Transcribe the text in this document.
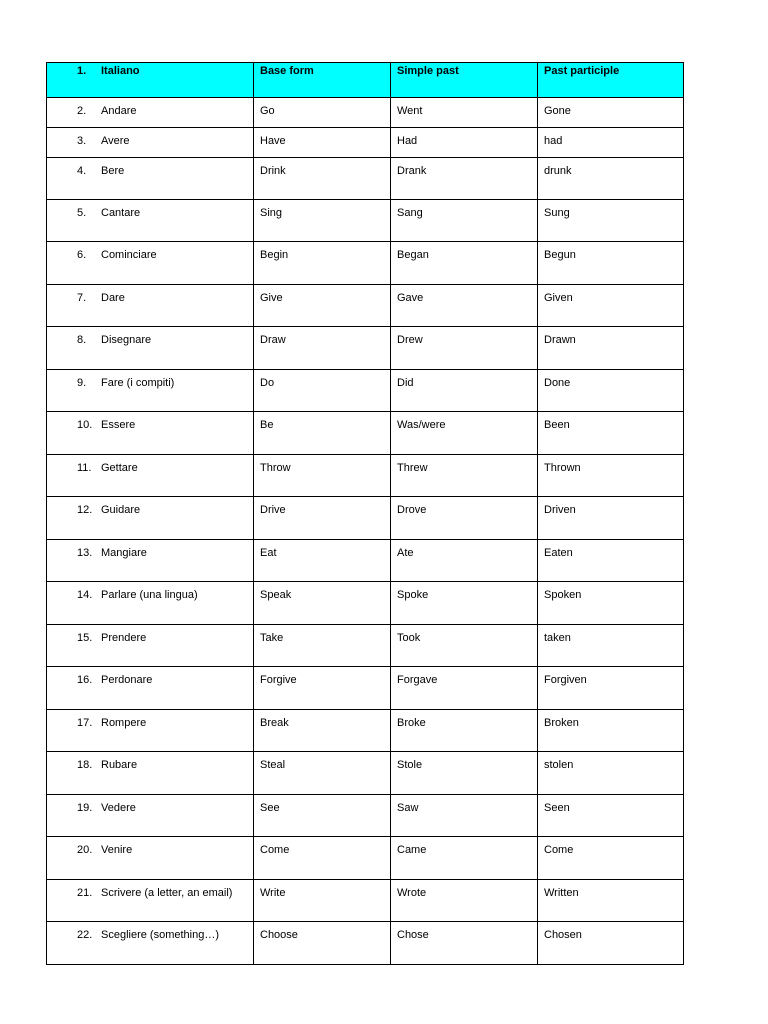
1. Italiano	Base form	Simple past	Past participle
2. Andare	Go	Went	Gone
3. Avere	Have	Had	had
4. Bere	Drink	Drank	drunk
5. Cantare	Sing	Sang	Sung
6. Cominciare	Begin	Began	Begun
7. Dare	Give	Gave	Given
8. Disegnare	Draw	Drew	Drawn
9. Fare (i compiti)	Do	Did	Done
10. Essere	Be	Was/were	Been
11. Gettare	Throw	Threw	Thrown
12. Guidare	Drive	Drove	Driven
13. Mangiare	Eat	Ate	Eaten
14. Parlare (una lingua)	Speak	Spoke	Spoken
15. Prendere	Take	Took	taken
16. Perdonare	Forgive	Forgave	Forgiven
17. Rompere	Break	Broke	Broken
18. Rubare	Steal	Stole	stolen
19. Vedere	See	Saw	Seen
20. Venire	Come	Came	Come
21. Scrivere (a letter, an email)	Write	Wrote	Written
22. Scegliere (something…)	Choose	Chose	Chosen
